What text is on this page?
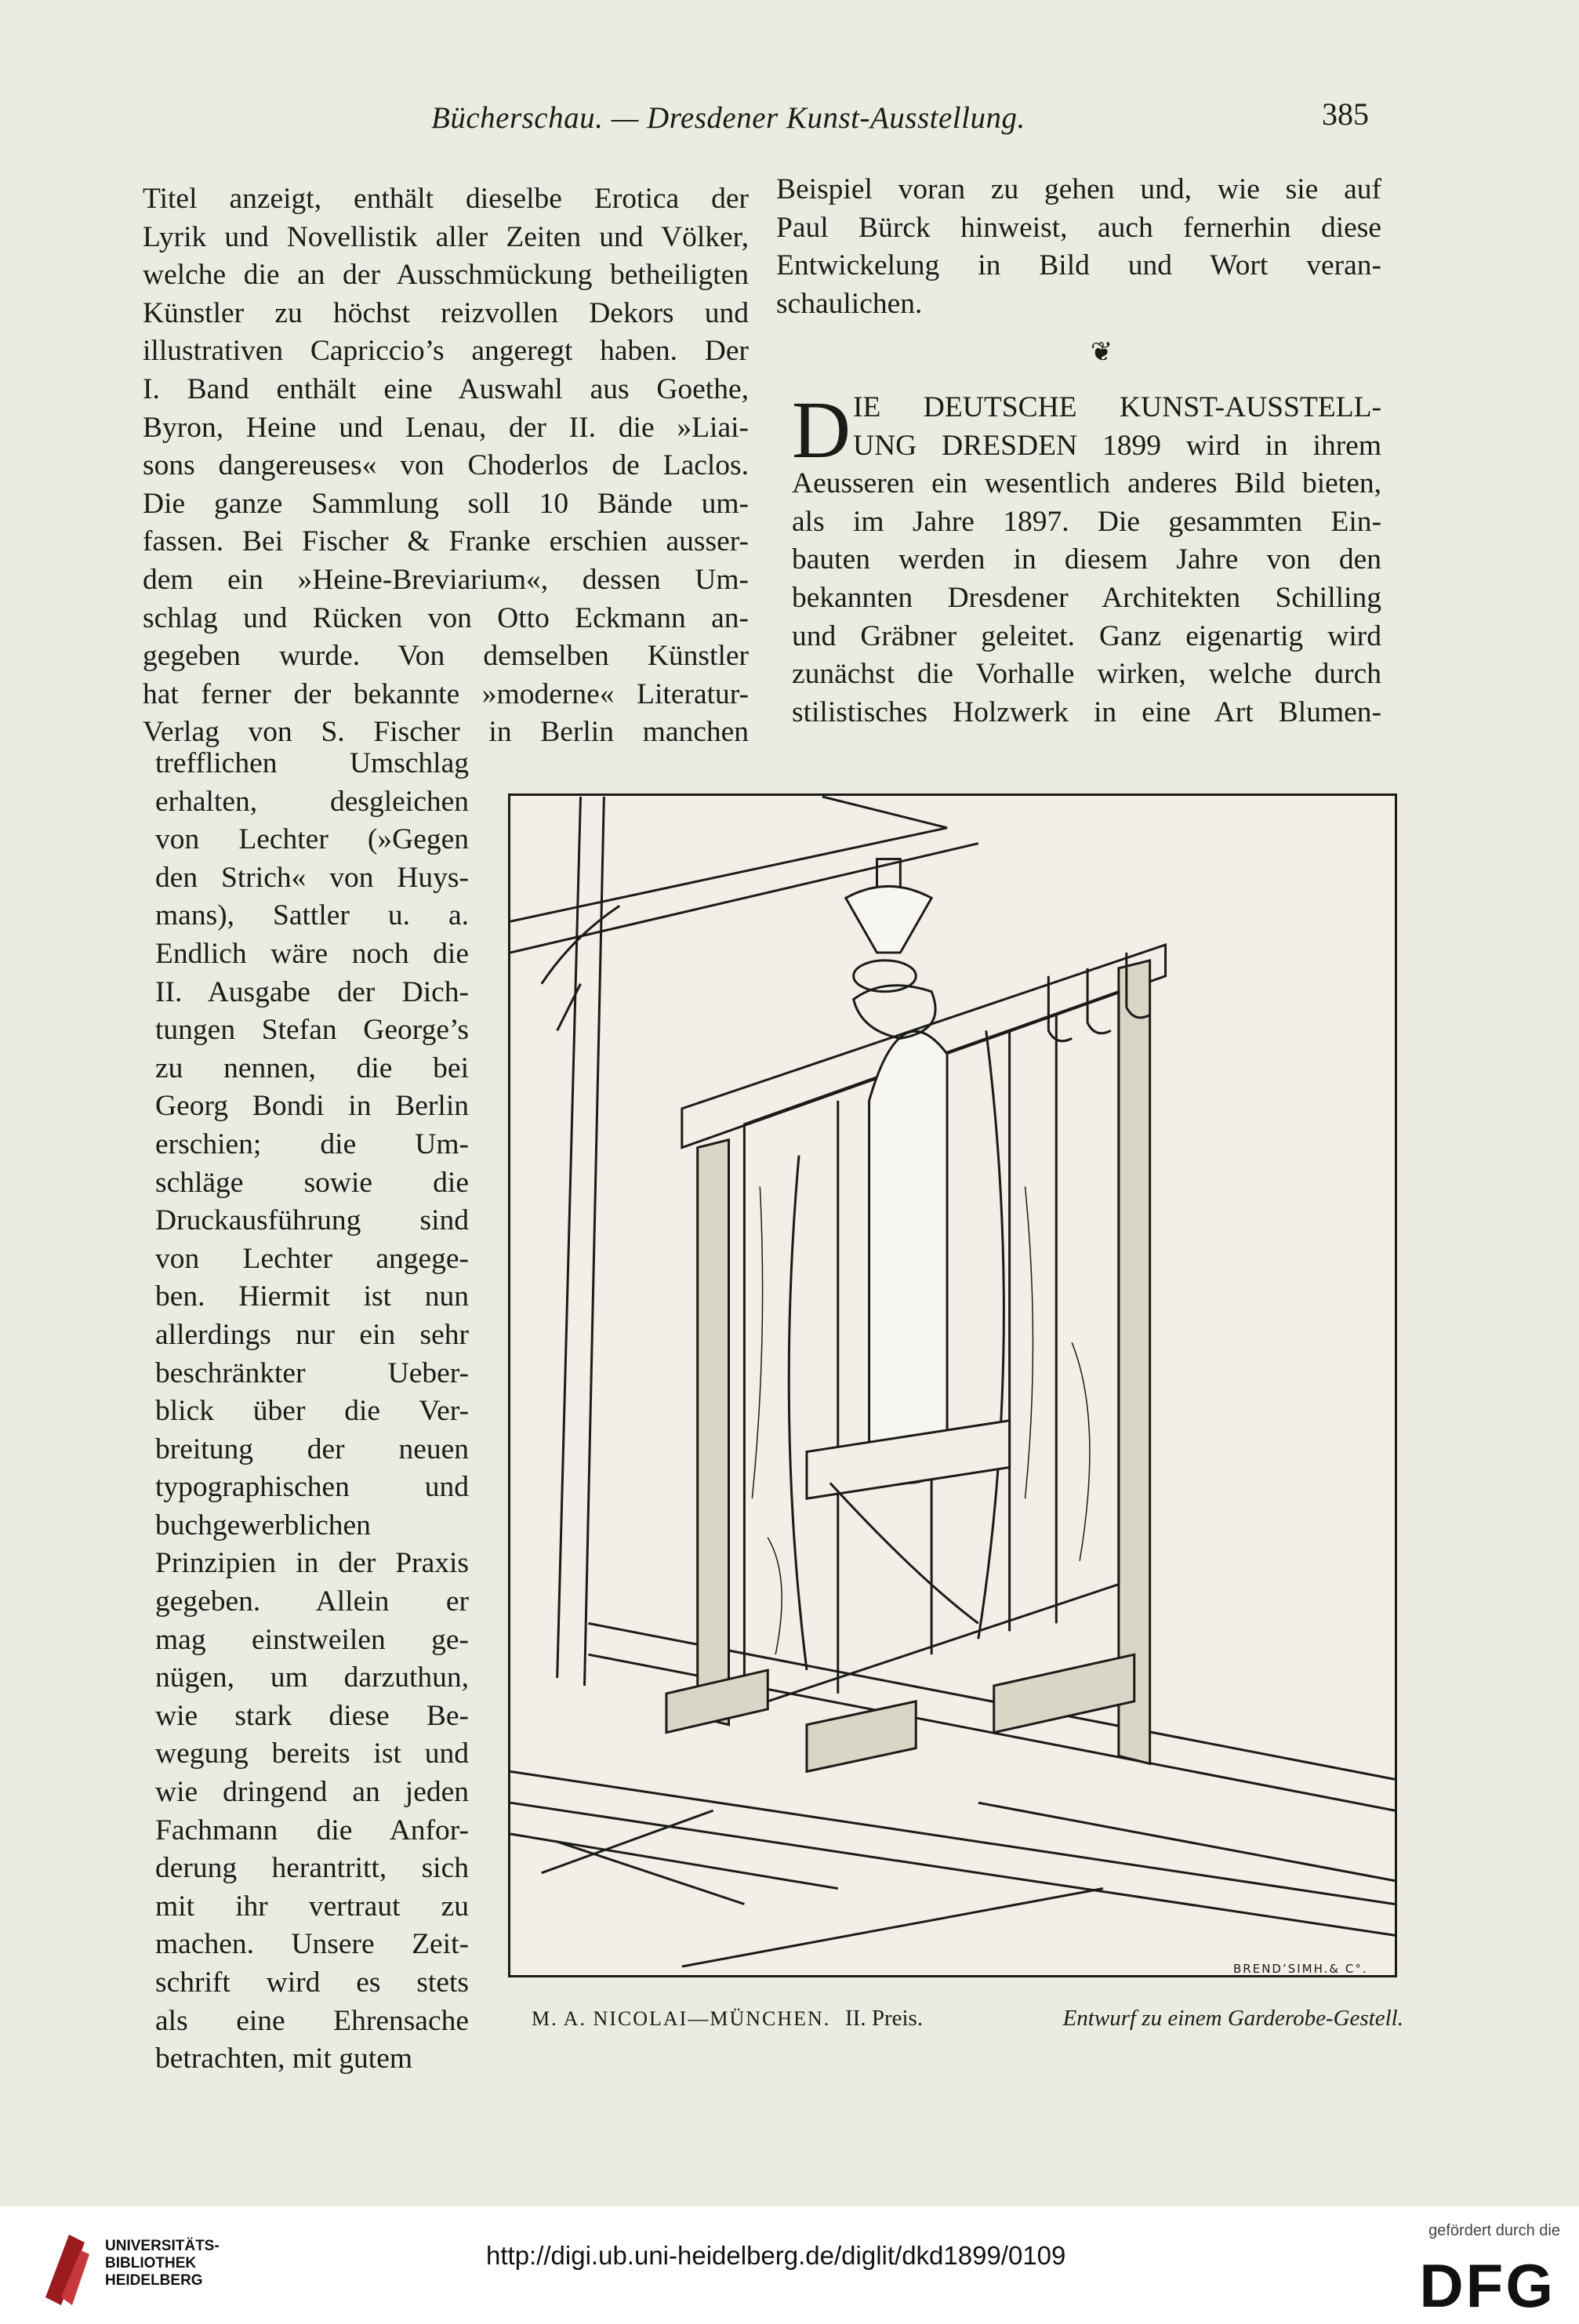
Bücherschau. — Dresdener Kunst-Ausstellung.	385
Titel anzeigt, enthält dieselbe Erotica der
Lyrik und Novellistik aller Zeiten und Völker,
welche die an der Ausschmückung betheiligten
Künstler zu höchst reizvollen Dekors und
illustrativen Capriccio’s angeregt haben. Der
I. Band enthält eine Auswahl aus Goethe,
Byron, Heine und Lenau, der II. die »Liai-
sons dangereuses« von Choderlos de Laclos.
Die ganze Sammlung soll 10 Bände um-
fassen. Bei Fischer & Franke erschien ausser-
dem ein »Heine-Breviarium«, dessen Um-
schlag und Rücken von Otto Eckmann an-
gegeben wurde. Von demselben Künstler
hat ferner der bekannte »moderne« Literatur-
Verlag von S. Fischer in Berlin manchen
trefflichen Umschlag
erhalten, desgleichen
von Lechter (»Gegen
den Strich« von Huys-
mans), Sattler u. a.
Endlich wäre noch die
II. Ausgabe der Dich-
tungen Stefan George’s
zu nennen, die bei
Georg Bondi in Berlin
erschien; die Um-
schläge sowie die
Druckausführung sind
von Lechter angege-
ben. Hiermit ist nun
allerdings nur ein sehr
beschränkter Ueber-
blick über die Ver-
breitung der neuen
typographischen und
buchgewerblichen
Prinzipien in der Praxis
gegeben. Allein er
mag einstweilen ge-
nügen, um darzuthun,
wie stark diese Be-
wegung bereits ist und
wie dringend an jeden
Fachmann die Anfor-
derung herantritt, sich
mit ihr vertraut zu
machen. Unsere Zeit-
schrift wird es stets
als eine Ehrensache
betrachten, mit gutem
Beispiel voran zu gehen und, wie sie auf
Paul Bürck hinweist, auch fernerhin diese
Entwickelung in Bild und Wort veran-
schaulichen.
❦
D IE DEUTSCHE KUNST-AUSSTELL-
UNG DRESDEN 1899 wird in ihrem
Aeusseren ein wesentlich anderes Bild bieten,
als im Jahre 1897. Die gesammten Ein-
bauten werden in diesem Jahre von den
bekannten Dresdener Architekten Schilling
und Gräbner geleitet. Ganz eigenartig wird
zunächst die Vorhalle wirken, welche durch
stilistisches Holzwerk in eine Art Blumen-
BREND’SIMH.& C°.
M. A. NICOLAI—MÜNCHEN. II. Preis.	Entwurf zu einem Garderobe-Gestell.
UNIVERSITÄTS-
BIBLIOTHEK
HEIDELBERG
http://digi.ub.uni-heidelberg.de/diglit/dkd1899/0109
gefördert durch die
DFG
